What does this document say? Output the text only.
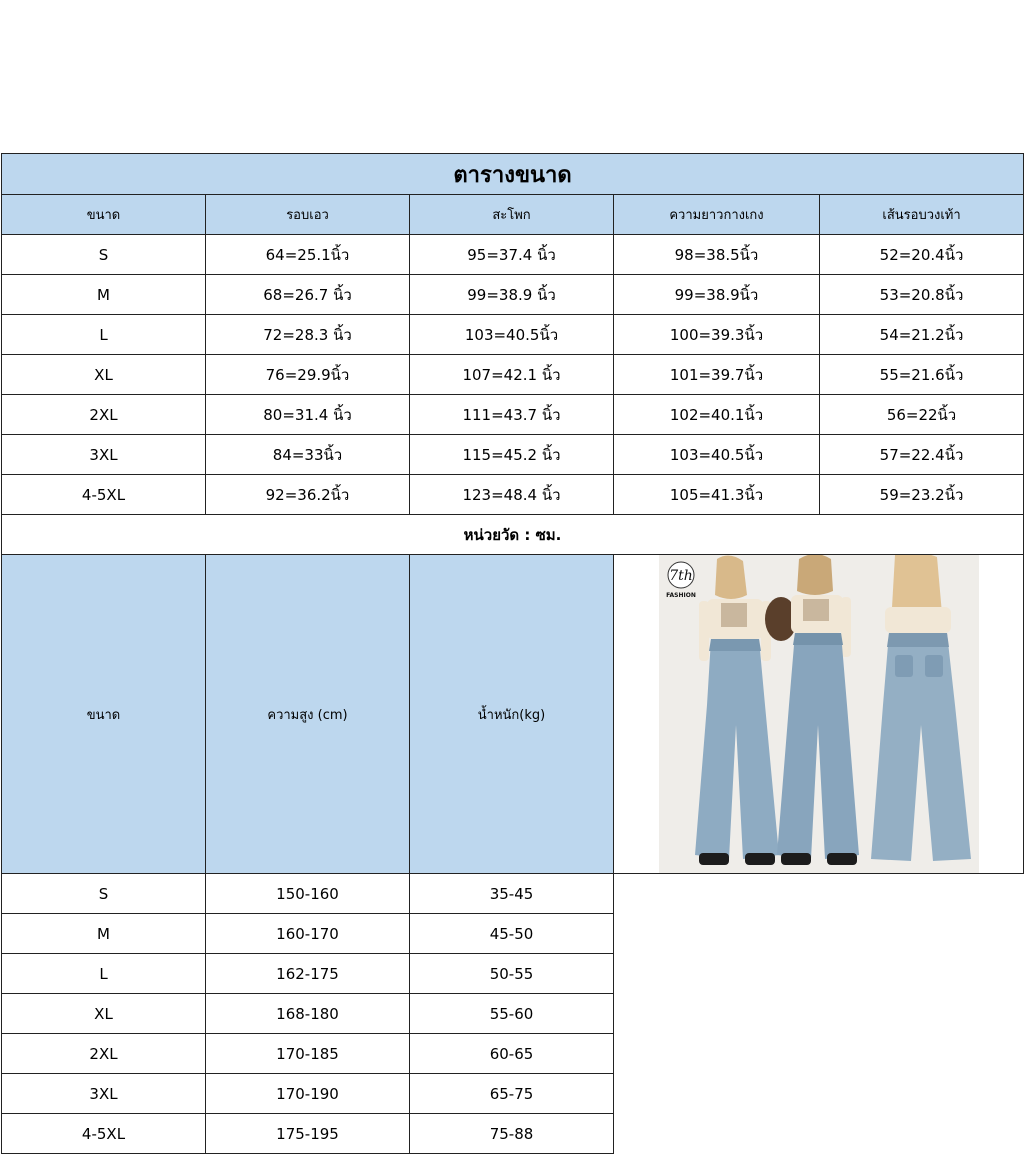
ตารางขนาด				
ขนาด	รอบเอว	สะโพก	ความยาวกางเกง	เส้นรอบวงเท้า
S	64=25.1นิ้ว	95=37.4 นิ้ว	98=38.5นิ้ว	52=20.4นิ้ว
M	68=26.7 นิ้ว	99=38.9 นิ้ว	99=38.9นิ้ว	53=20.8นิ้ว
L	72=28.3 นิ้ว	103=40.5นิ้ว	100=39.3นิ้ว	54=21.2นิ้ว
XL	76=29.9นิ้ว	107=42.1 นิ้ว	101=39.7นิ้ว	55=21.6นิ้ว
2XL	80=31.4 นิ้ว	111=43.7 นิ้ว	102=40.1นิ้ว	56=22นิ้ว
3XL	84=33นิ้ว	115=45.2 นิ้ว	103=40.5นิ้ว	57=22.4นิ้ว
4-5XL	92=36.2นิ้ว	123=48.4 นิ้ว	105=41.3นิ้ว	59=23.2นิ้ว
หน่วยวัด : ซม.				
ขนาด	ความสูง (cm)	น้ำหนัก(kg)	7th
FASHION	

S	150-160	35-45		
M	160-170	45-50		
L	162-175	50-55		
XL	168-180	55-60		
2XL	170-185	60-65		
3XL	170-190	65-75		
4-5XL	175-195	75-88		
